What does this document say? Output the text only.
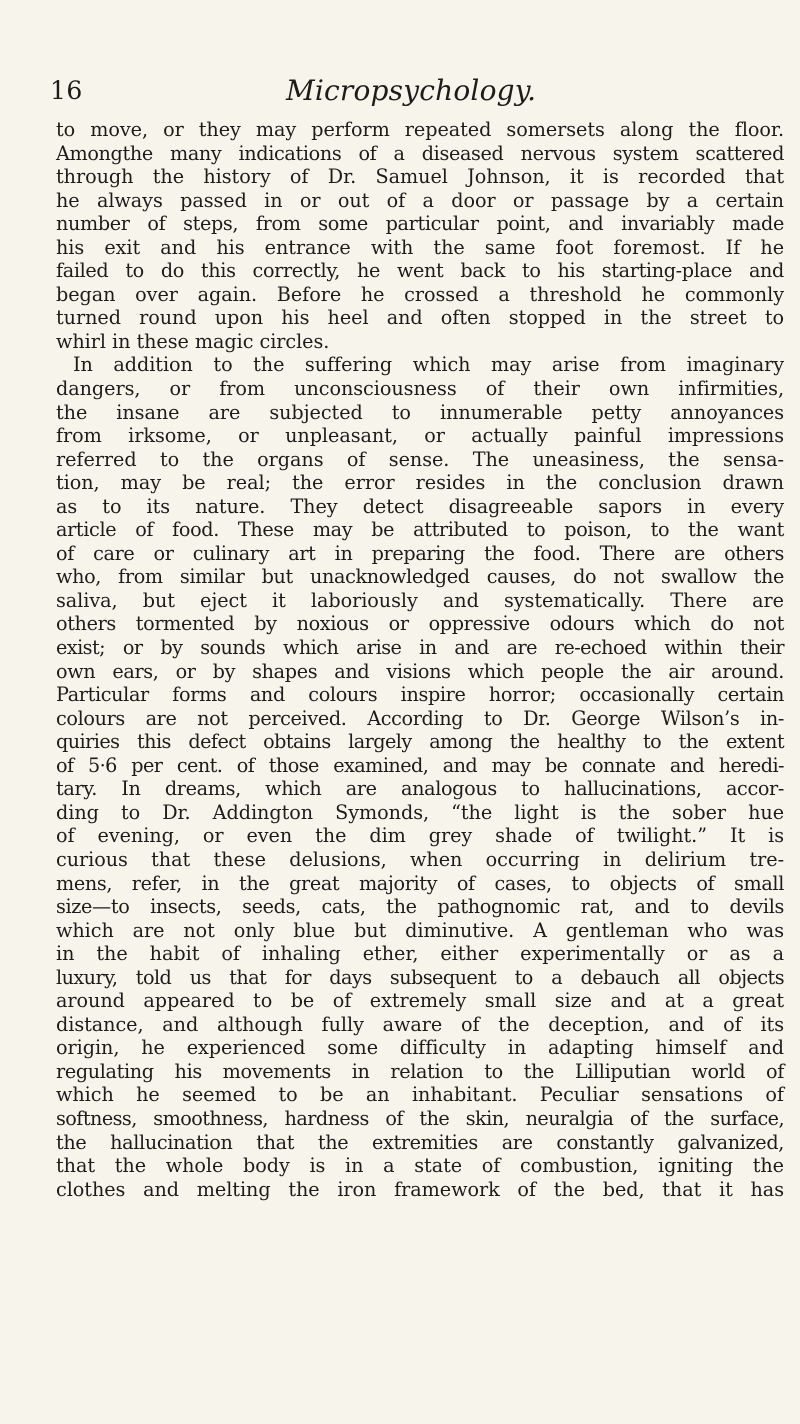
16	Micropsychology.
to move, or they may perform repeated somersets along the floor.
Amongthe many indications of a diseased nervous system scattered
through the history of Dr. Samuel Johnson, it is recorded that
he always passed in or out of a door or passage by a certain
number of steps, from some particular point, and invariably made
his exit and his entrance with the same foot foremost. If he
failed to do this correctly, he went back to his starting-place and
began over again. Before he crossed a threshold he commonly
turned round upon his heel and often stopped in the street to
whirl in these magic circles.
In addition to the suffering which may arise from imaginary
dangers, or from unconsciousness of their own infirmities,
the insane are subjected to innumerable petty annoyances
from irksome, or unpleasant, or actually painful impressions
referred to the organs of sense. The uneasiness, the sensa-
tion, may be real; the error resides in the conclusion drawn
as to its nature. They detect disagreeable sapors in every
article of food. These may be attributed to poison, to the want
of care or culinary art in preparing the food. There are others
who, from similar but unacknowledged causes, do not swallow the
saliva, but eject it laboriously and systematically. There are
others tormented by noxious or oppressive odours which do not
exist; or by sounds which arise in and are re-echoed within their
own ears, or by shapes and visions which people the air around.
Particular forms and colours inspire horror; occasionally certain
colours are not perceived. According to Dr. George Wilson’s in-
quiries this defect obtains largely among the healthy to the extent
of 5·6 per cent. of those examined, and may be connate and heredi-
tary. In dreams, which are analogous to hallucinations, accor-
ding to Dr. Addington Symonds, “the light is the sober hue
of evening, or even the dim grey shade of twilight.” It is
curious that these delusions, when occurring in delirium tre-
mens, refer, in the great majority of cases, to objects of small
size—to insects, seeds, cats, the pathognomic rat, and to devils
which are not only blue but diminutive. A gentleman who was
in the habit of inhaling ether, either experimentally or as a
luxury, told us that for days subsequent to a debauch all objects
around appeared to be of extremely small size and at a great
distance, and although fully aware of the deception, and of its
origin, he experienced some difficulty in adapting himself and
regulating his movements in relation to the Lilliputian world of
which he seemed to be an inhabitant. Peculiar sensations of
softness, smoothness, hardness of the skin, neuralgia of the surface,
the hallucination that the extremities are constantly galvanized,
that the whole body is in a state of combustion, igniting the
clothes and melting the iron framework of the bed, that it has
